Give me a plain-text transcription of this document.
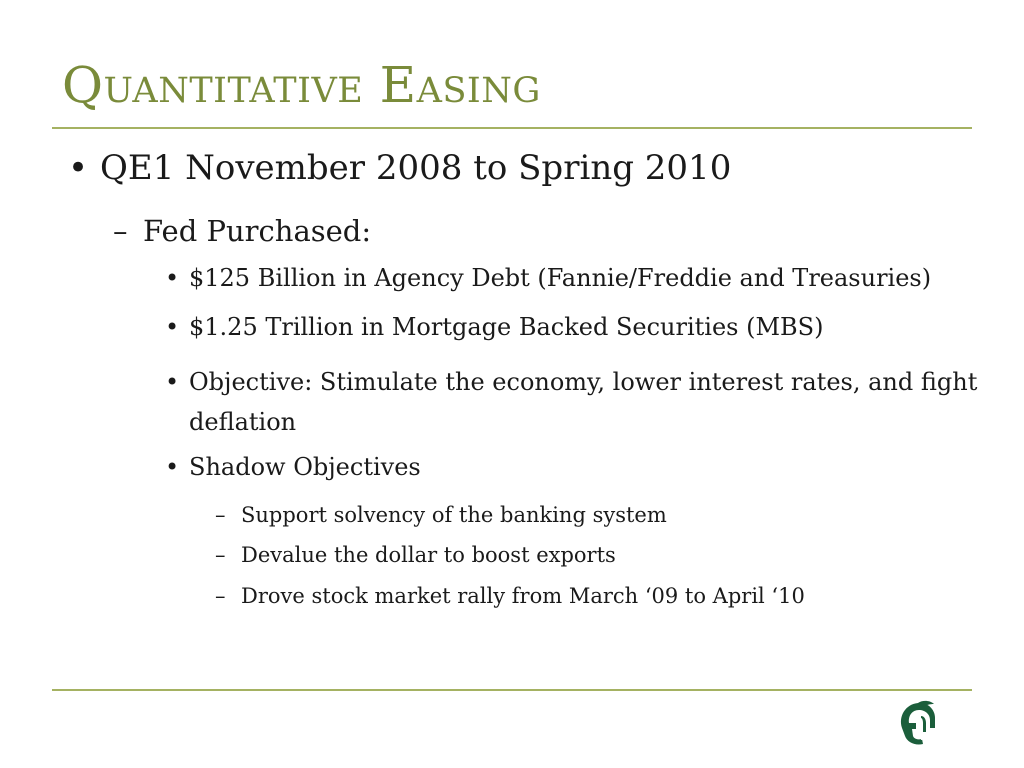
Quantitative Easing
• QE1 November 2008 to Spring 2010
– Fed Purchased:
• $125 Billion in Agency Debt (Fannie/Freddie and Treasuries)
• $1.25 Trillion in Mortgage Backed Securities (MBS)
• Objective: Stimulate the economy, lower interest rates, and fight deflation
• Shadow Objectives
– Support solvency of the banking system
– Devalue the dollar to boost exports
– Drove stock market rally from March ‘09 to April ‘10
